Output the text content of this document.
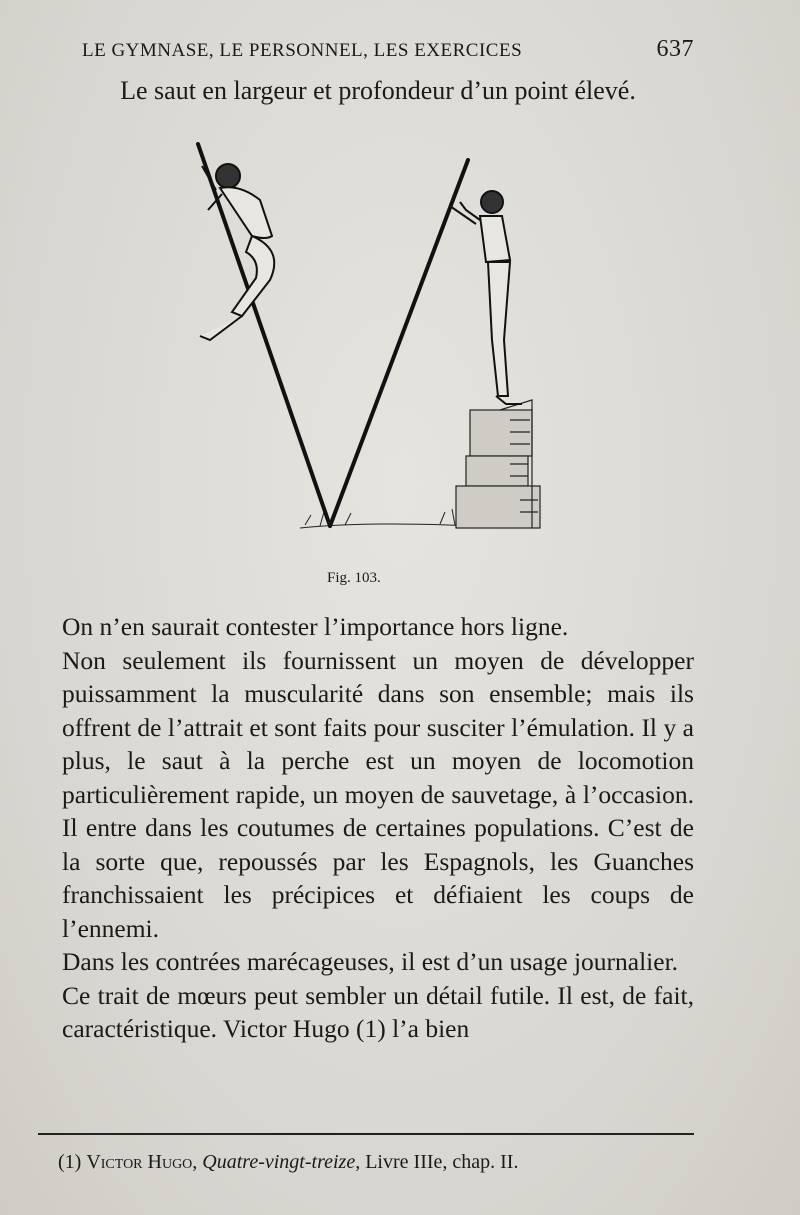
LE GYMNASE, LE PERSONNEL, LES EXERCICES	637
Le saut en largeur et profondeur d’un point élevé.
Fig. 103.

On n’en saurait contester l’importance hors ligne.

Non seulement ils fournissent un moyen de développer puissamment la muscularité dans son ensemble; mais ils offrent de l’attrait et sont faits pour susciter l’émulation. Il y a plus, le saut à la perche est un moyen de locomotion particulièrement rapide, un moyen de sauvetage, à l’occasion. Il entre dans les coutumes de certaines populations. C’est de la sorte que, repoussés par les Espagnols, les Guanches franchissaient les précipices et défiaient les coups de l’ennemi.

Dans les contrées marécageuses, il est d’un usage journalier.

Ce trait de mœurs peut sembler un détail futile. Il est, de fait, caractéristique. Victor Hugo (1) l’a bien

(1) Victor Hugo, Quatre-vingt-treize, Livre IIIe, chap. II.
